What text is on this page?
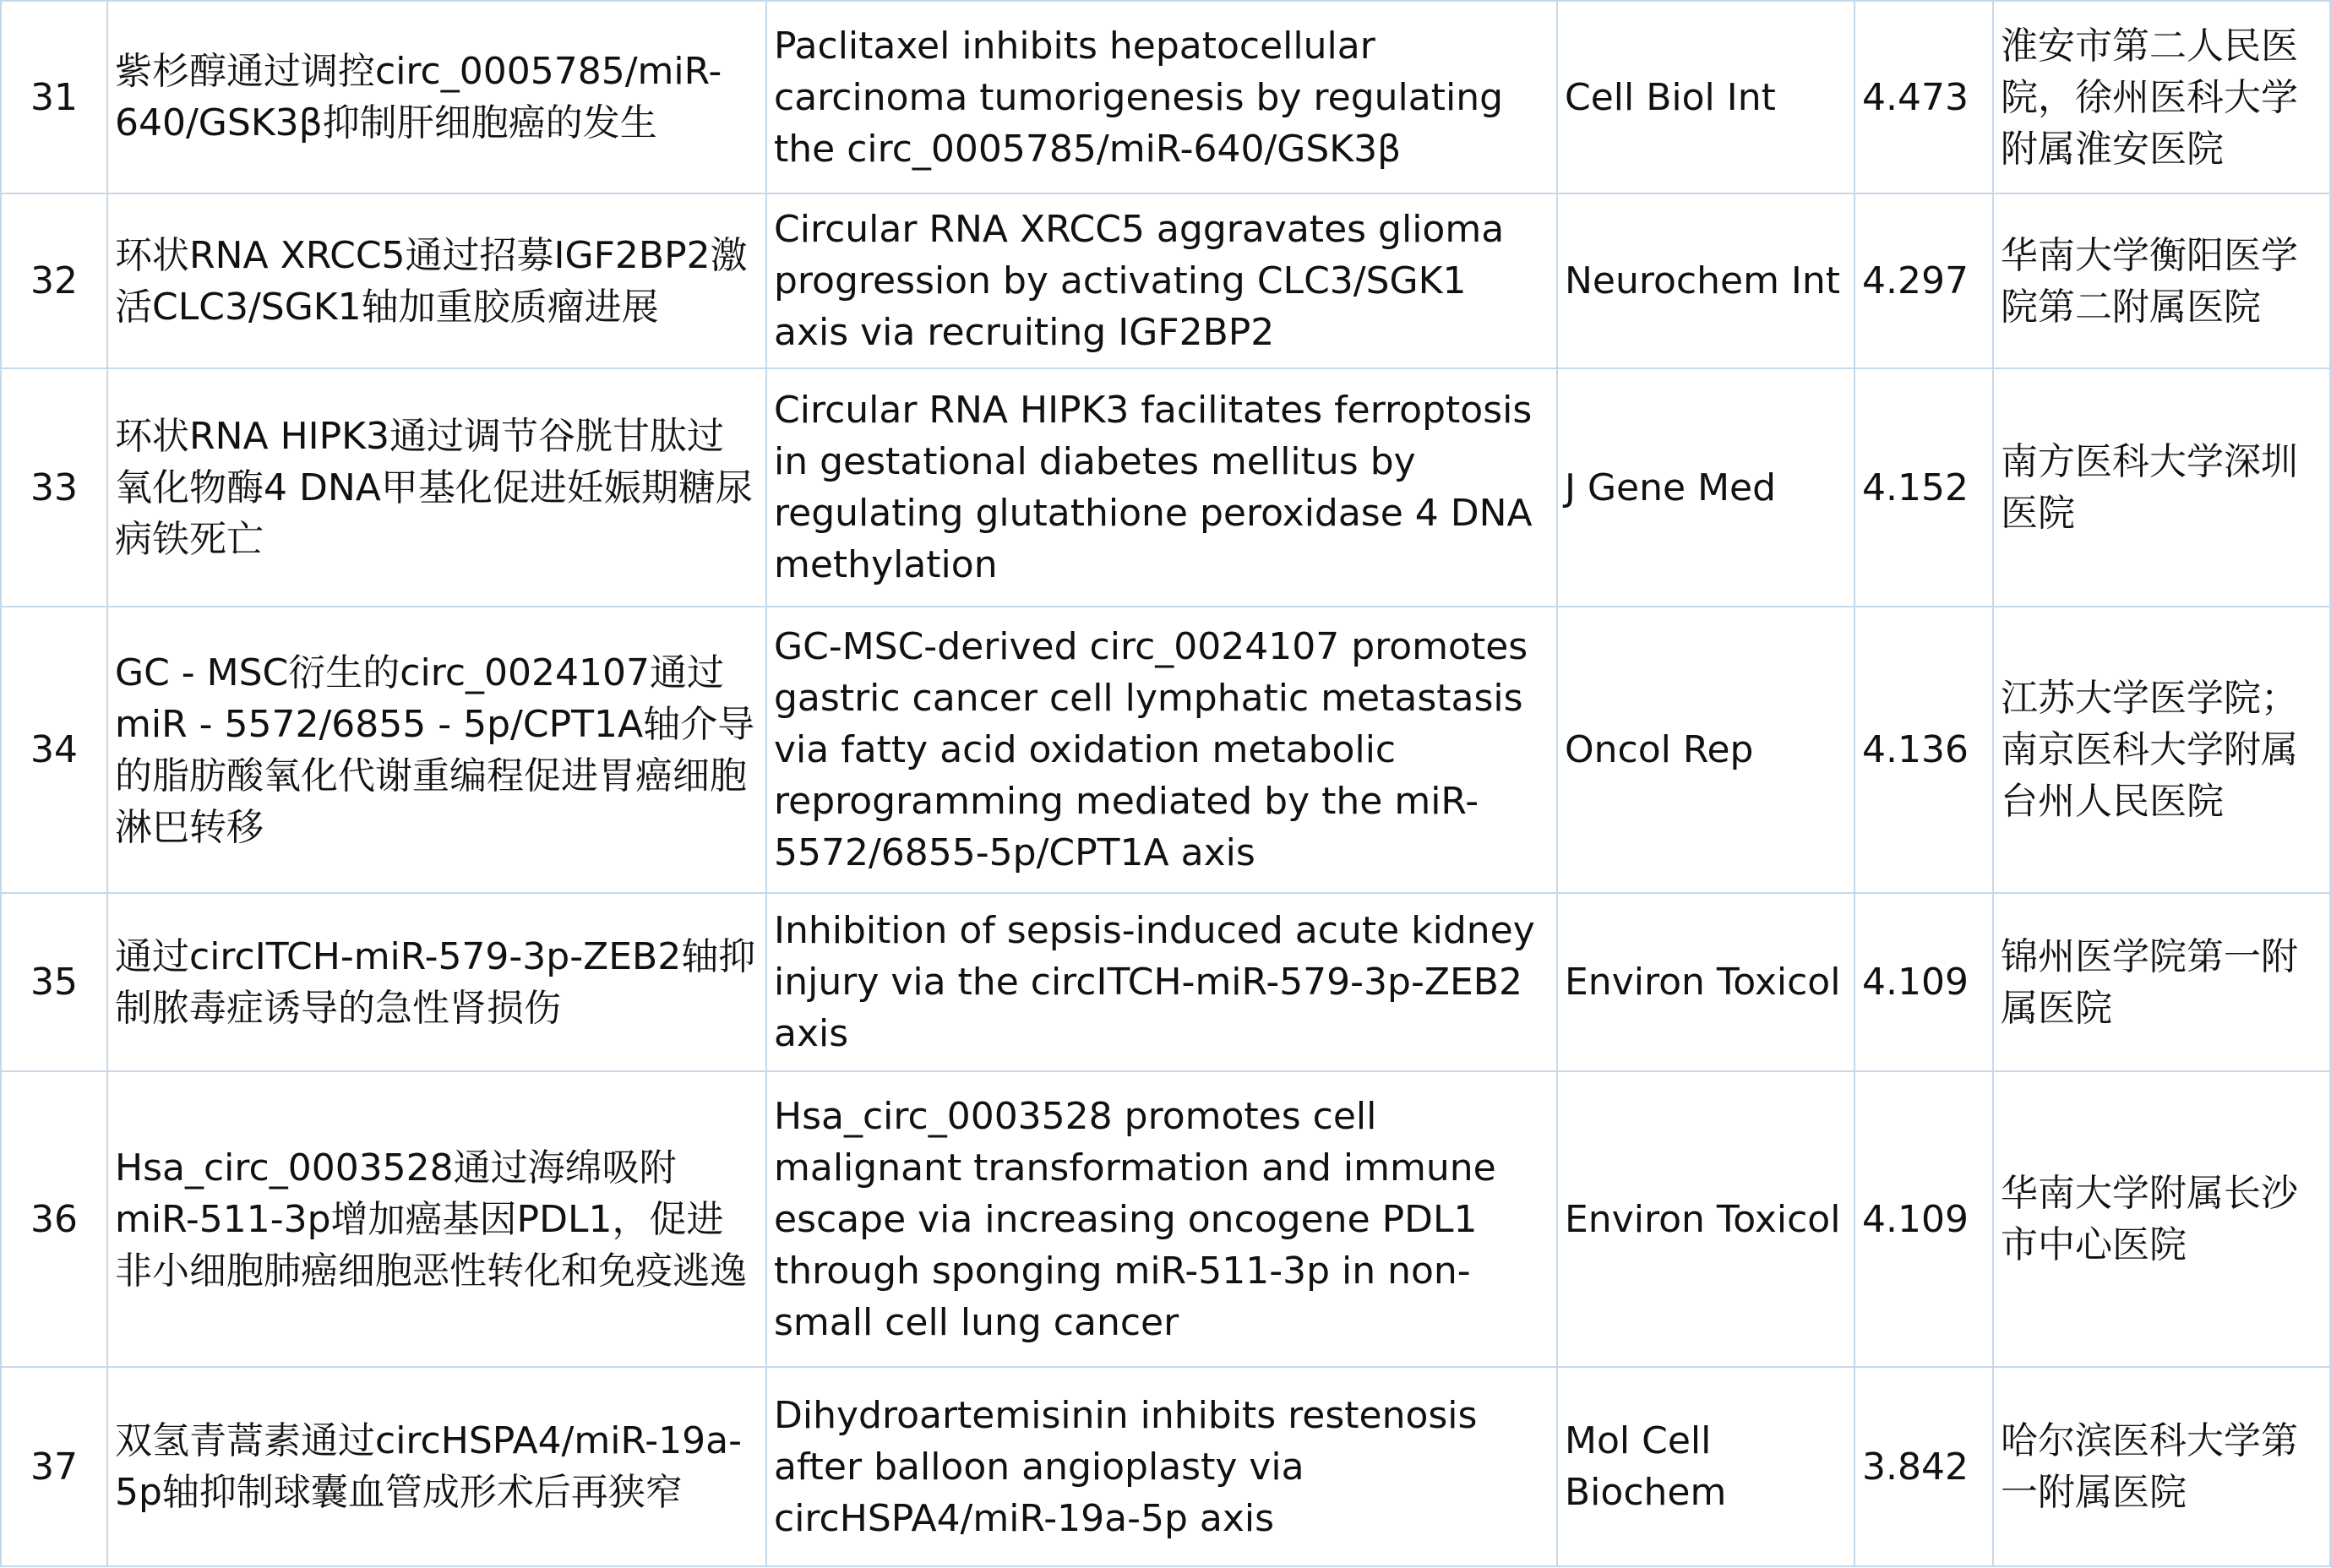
31	紫杉醇通过调控circ_0005785/miR-640/GSK3β抑制肝细胞癌的发生	Paclitaxel inhibits hepatocellular carcinoma tumorigenesis by regulating the circ_0005785/miR-640/GSK3β	Cell Biol Int	4.473	淮安市第二人民医院，徐州医科大学附属淮安医院
32	环状RNA XRCC5通过招募IGF2BP2激活CLC3/SGK1轴加重胶质瘤进展	Circular RNA XRCC5 aggravates glioma progression by activating CLC3/SGK1 axis via recruiting IGF2BP2	Neurochem Int	4.297	华南大学衡阳医学院第二附属医院
33	环状RNA HIPK3通过调节谷胱甘肽过氧化物酶4 DNA甲基化促进妊娠期糖尿病铁死亡	Circular RNA HIPK3 facilitates ferroptosis in gestational diabetes mellitus by regulating glutathione peroxidase 4 DNA methylation	J Gene Med	4.152	南方医科大学深圳医院
34	GC - MSC衍生的circ_0024107通过miR - 5572/6855 - 5p/CPT1A轴介导的脂肪酸氧化代谢重编程促进胃癌细胞淋巴转移	GC-MSC-derived circ_0024107 promotes gastric cancer cell lymphatic metastasis via fatty acid oxidation metabolic reprogramming mediated by the miR-5572/6855-5p/CPT1A axis	Oncol Rep	4.136	江苏大学医学院；南京医科大学附属台州人民医院
35	通过circITCH-miR-579-3p-ZEB2轴抑制脓毒症诱导的急性肾损伤	Inhibition of sepsis-induced acute kidney injury via the circITCH-miR-579-3p-ZEB2 axis	Environ Toxicol	4.109	锦州医学院第一附属医院
36	Hsa_circ_0003528通过海绵吸附miR-511-3p增加癌基因PDL1，促进非小细胞肺癌细胞恶性转化和免疫逃逸	Hsa_circ_0003528 promotes cell malignant transformation and immune escape via increasing oncogene PDL1 through sponging miR-511-3p in non-small cell lung cancer	Environ Toxicol	4.109	华南大学附属长沙市中心医院
37	双氢青蒿素通过circHSPA4/miR-19a-5p轴抑制球囊血管成形术后再狭窄	Dihydroartemisinin inhibits restenosis after balloon angioplasty via circHSPA4/miR-19a-5p axis	Mol Cell Biochem	3.842	哈尔滨医科大学第一附属医院
